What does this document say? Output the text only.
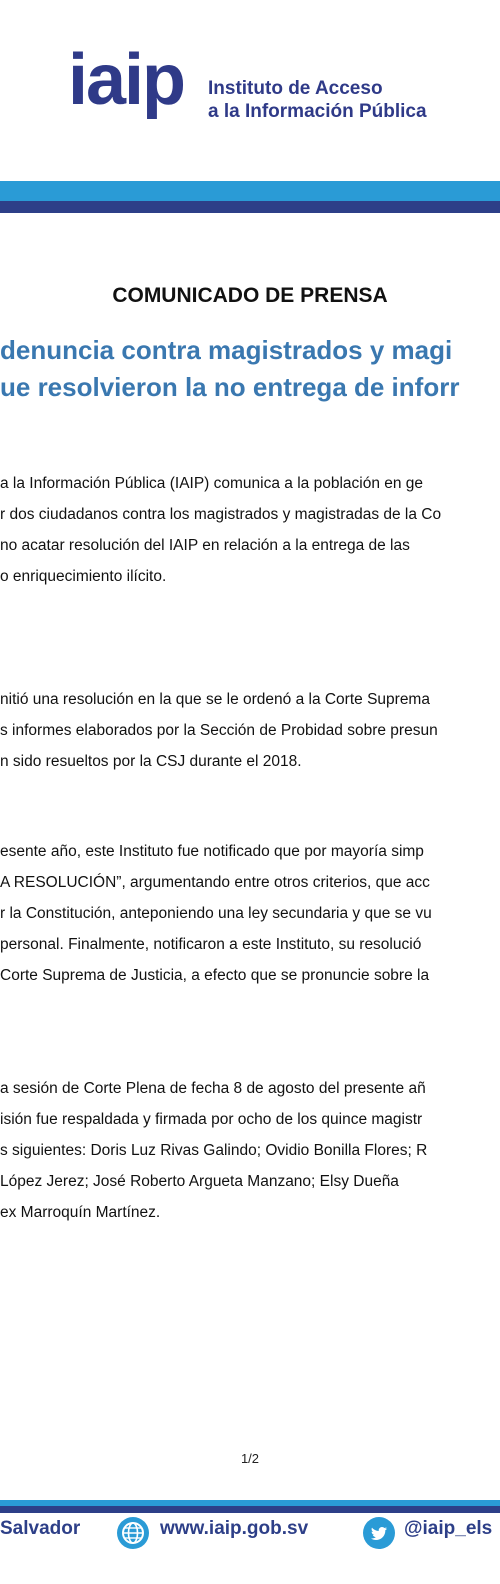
iaip Instituto de Acceso
a la Información Pública
COMUNICADO DE PRENSA
denuncia contra magistrados y magi
ue resolvieron la no entrega de inforr
a la Información Pública (IAIP) comunica a la población en ge
r dos ciudadanos contra los magistrados y magistradas de la Co
no acatar resolución del IAIP en relación a la entrega de las
o enriquecimiento ilícito.
nitió una resolución en la que se le ordenó a la Corte Suprema
s informes elaborados por la Sección de Probidad sobre presun
n sido resueltos por la CSJ durante el 2018.
esente año, este Instituto fue notificado que por mayoría simp
A RESOLUCIÓN”, argumentando entre otros criterios, que acc
r la Constitución, anteponiendo una ley secundaria y que se vu
personal. Finalmente, notificaron a este Instituto, su resolució
Corte Suprema de Justicia, a efecto que se pronuncie sobre la
a sesión de Corte Plena de fecha 8 de agosto del presente añ
isión fue respaldada y firmada por ocho de los quince magistr
s siguientes: Doris Luz Rivas Galindo; Ovidio Bonilla Flores; R
López Jerez; José Roberto Argueta Manzano; Elsy Dueña
ex Marroquín Martínez.
1/2
Salvador	www.iaip.gob.sv	@iaip_els
